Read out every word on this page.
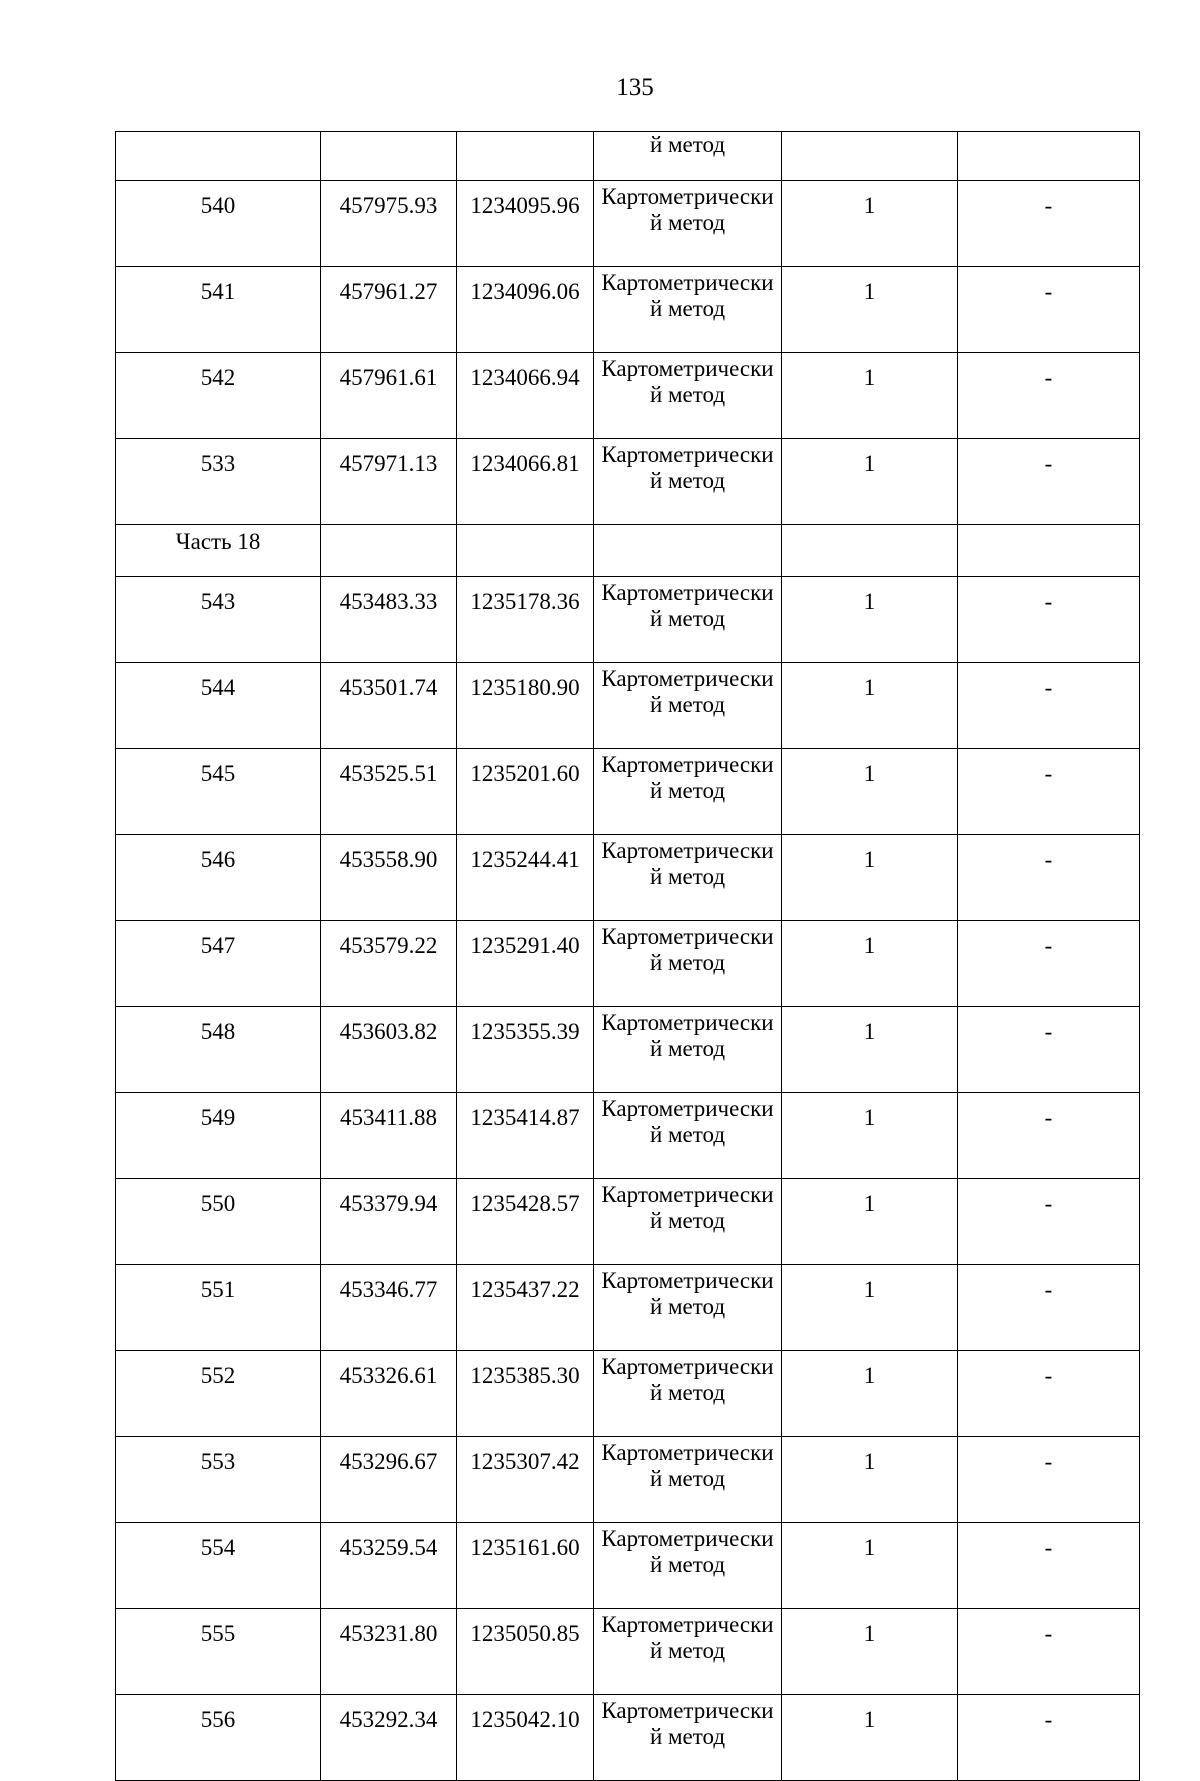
135
			й метод		
540	457975.93	1234095.96	Картометрически
й метод	1	-
541	457961.27	1234096.06	Картометрически
й метод	1	-
542	457961.61	1234066.94	Картометрически
й метод	1	-
533	457971.13	1234066.81	Картометрически
й метод	1	-
Часть 18					
543	453483.33	1235178.36	Картометрически
й метод	1	-
544	453501.74	1235180.90	Картометрически
й метод	1	-
545	453525.51	1235201.60	Картометрически
й метод	1	-
546	453558.90	1235244.41	Картометрически
й метод	1	-
547	453579.22	1235291.40	Картометрически
й метод	1	-
548	453603.82	1235355.39	Картометрически
й метод	1	-
549	453411.88	1235414.87	Картометрически
й метод	1	-
550	453379.94	1235428.57	Картометрически
й метод	1	-
551	453346.77	1235437.22	Картометрически
й метод	1	-
552	453326.61	1235385.30	Картометрически
й метод	1	-
553	453296.67	1235307.42	Картометрически
й метод	1	-
554	453259.54	1235161.60	Картометрически
й метод	1	-
555	453231.80	1235050.85	Картометрически
й метод	1	-
556	453292.34	1235042.10	Картометрически
й метод	1	-
